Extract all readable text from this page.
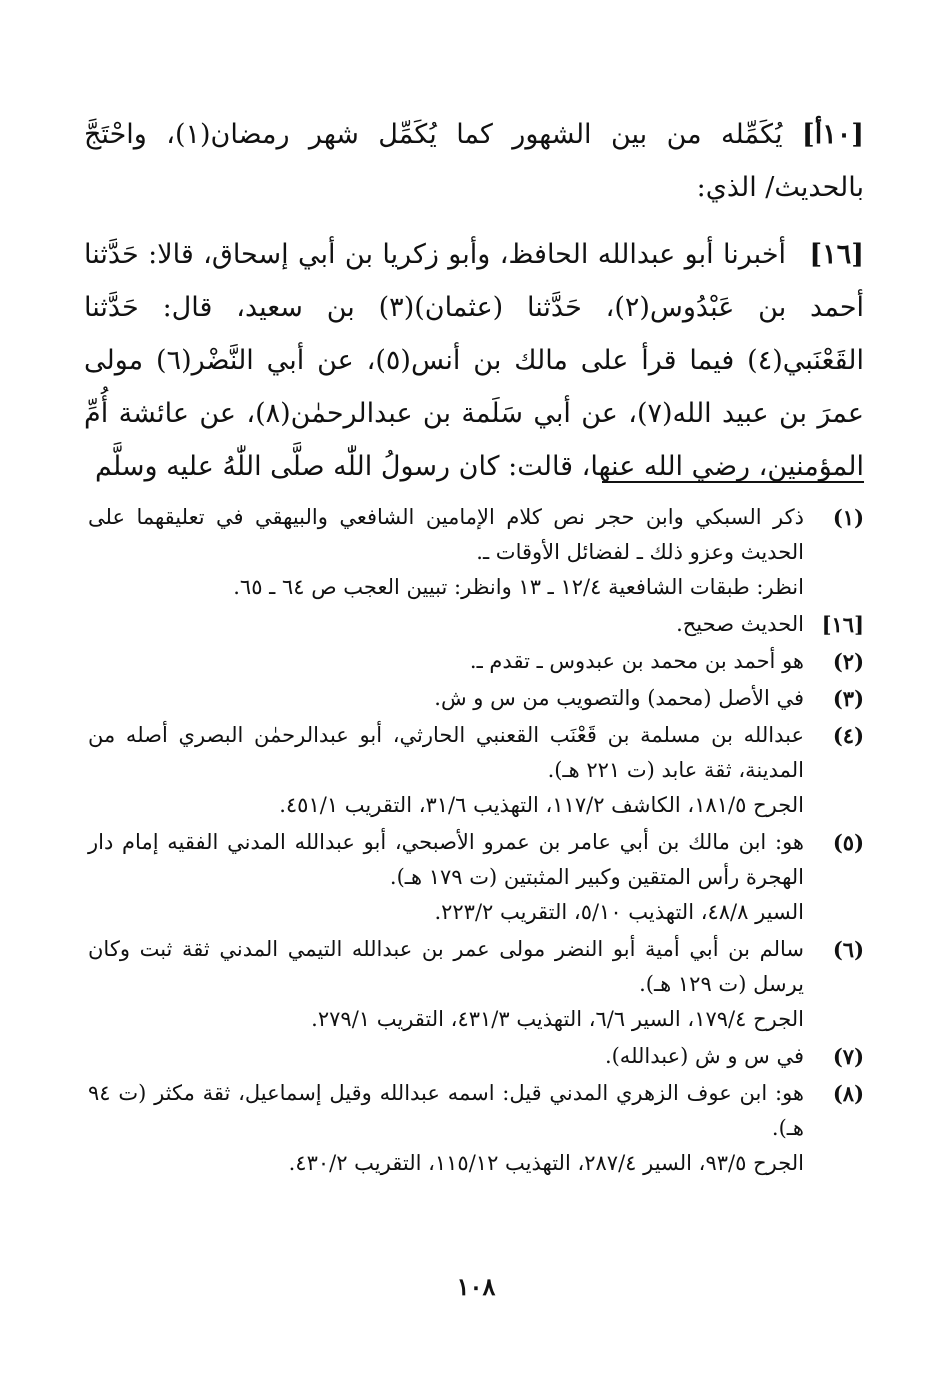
[١٠أ] يُكَمِّله من بين الشهور كما يُكَمِّل شهر رمضان(١)، واحْتَجَّ بالحديث/ الذي:

[١٦] أخبرنا أبو عبدالله الحافظ، وأبو زكريا بن أبي إسحاق، قالا: حَدَّثنا أحمد بن عَبْدُوس(٢)، حَدَّثنا (عثمان)(٣) بن سعيد، قال: حَدَّثنا القَعْنَبي(٤) فيما قرأ على مالك بن أنس(٥)، عن أبي النَّضْر(٦) مولى عمرَ بن عبيد الله(٧)، عن أبي سَلَمة بن عبدالرحمٰن(٨)، عن عائشة أُمِّ المؤمنين، رضي الله عنها، قالت: كان رسولُ اللّٰه صلَّى اللّٰهُ عليه وسلَّم

(١)
ذكر السبكي وابن حجر نص كلام الإمامين الشافعي والبيهقي في تعليقهما على الحديث وعزو ذلك ـ لفضائل الأوقات ـ.
انظر: طبقات الشافعية ١٢/٤ ـ ١٣ وانظر: تبيين العجب ص ٦٤ ـ ٦٥.
[١٦]
الحديث صحيح.
(٢)
هو أحمد بن محمد بن عبدوس ـ تقدم ـ.
(٣)
في الأصل (محمد) والتصويب من س و ش.
(٤)
عبدالله بن مسلمة بن قَعْنَب القعنبي الحارثي، أبو عبدالرحمٰن البصري أصله من المدينة، ثقة عابد (ت ٢٢١ هـ).
الجرح ١٨١/٥، الكاشف ١١٧/٢، التهذيب ٣١/٦، التقريب ٤٥١/١.
(٥)
هو: ابن مالك بن أبي عامر بن عمرو الأصبحي، أبو عبدالله المدني الفقيه إمام دار الهجرة رأس المتقين وكبير المثبتين (ت ١٧٩ هـ).
السير ٤٨/٨، التهذيب ٥/١٠، التقريب ٢٢٣/٢.
(٦)
سالم بن أبي أمية أبو النضر مولى عمر بن عبدالله التيمي المدني ثقة ثبت وكان يرسل (ت ١٢٩ هـ).
الجرح ١٧٩/٤، السير ٦/٦، التهذيب ٤٣١/٣، التقريب ٢٧٩/١.
(٧)
في س و ش (عبدالله).
(٨)
هو: ابن عوف الزهري المدني قيل: اسمه عبدالله وقيل إسماعيل، ثقة مكثر (ت ٩٤ هـ).
الجرح ٩٣/٥، السير ٢٨٧/٤، التهذيب ١١٥/١٢، التقريب ٤٣٠/٢.
١٠٨
